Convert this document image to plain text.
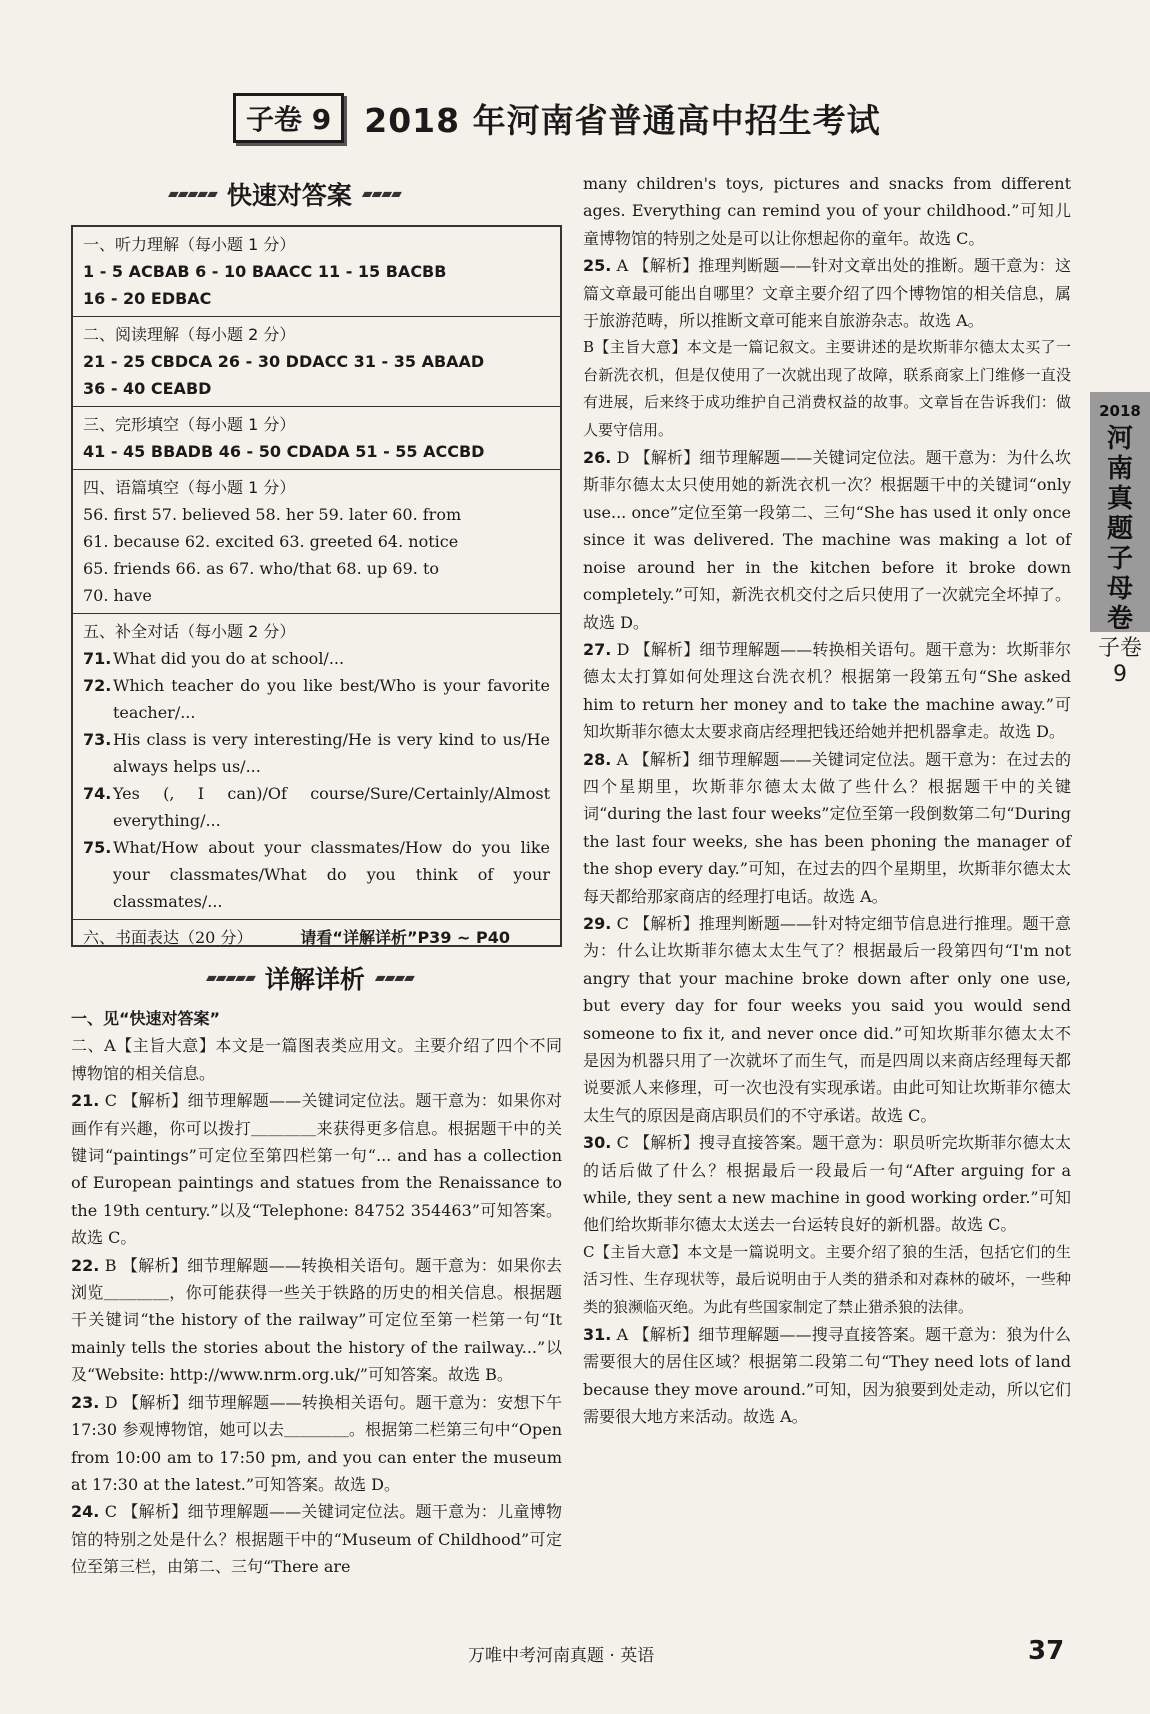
子卷 9	2018 年河南省普通高中招生考试
▰▰▰▰▰ 快速对答案 ▰▰▰▰
一、听力理解（每小题 1 分）
1 - 5 ACBAB 6 - 10 BAACC 11 - 15 BACBB
16 - 20 EDBAC
二、阅读理解（每小题 2 分）
21 - 25 CBDCA 26 - 30 DDACC 31 - 35 ABAAD
36 - 40 CEABD
三、完形填空（每小题 1 分）
41 - 45 BBADB 46 - 50 CDADA 51 - 55 ACCBD
四、语篇填空（每小题 1 分）
56. first 57. believed 58. her 59. later 60. from
61. because 62. excited 63. greeted 64. notice
65. friends 66. as 67. who/that 68. up 69. to
70. have
五、补全对话（每小题 2 分）
71. What did you do at school/...
72. Which teacher do you like best/Who is your favorite teacher/...
73. His class is very interesting/He is very kind to us/He always helps us/...
74. Yes (, I can)/Of course/Sure/Certainly/Almost everything/...
75. What/How about your classmates/How do you like your classmates/What do you think of your classmates/...
六、书面表达（20 分）	请看“详解详析”P39 ~ P40
▰▰▰▰▰ 详解详析 ▰▰▰▰

一、见“快速对答案”

二、A【主旨大意】本文是一篇图表类应用文。主要介绍了四个不同博物馆的相关信息。

21. C 【解析】细节理解题——关键词定位法。题干意为：如果你对画作有兴趣，你可以拨打＿＿＿＿来获得更多信息。根据题干中的关键词“paintings”可定位至第四栏第一句“... and has a collection of European paintings and statues from the Renaissance to the 19th century.”以及“Telephone: 84752 354463”可知答案。故选 C。

22. B 【解析】细节理解题——转换相关语句。题干意为：如果你去浏览＿＿＿＿，你可能获得一些关于铁路的历史的相关信息。根据题干关键词“the history of the railway”可定位至第一栏第一句“It mainly tells the stories about the history of the railway...”以及“Website: http://www.nrm.org.uk/”可知答案。故选 B。

23. D 【解析】细节理解题——转换相关语句。题干意为：安想下午 17:30 参观博物馆，她可以去＿＿＿＿。根据第二栏第三句中“Open from 10:00 am to 17:50 pm, and you can enter the museum at 17:30 at the latest.”可知答案。故选 D。

24. C 【解析】细节理解题——关键词定位法。题干意为：儿童博物馆的特别之处是什么？根据题干中的“Museum of Childhood”可定位至第三栏，由第二、三句“There are

many children's toys, pictures and snacks from different ages. Everything can remind you of your childhood.”可知儿童博物馆的特别之处是可以让你想起你的童年。故选 C。

25. A 【解析】推理判断题——针对文章出处的推断。题干意为：这篇文章最可能出自哪里？文章主要介绍了四个博物馆的相关信息，属于旅游范畴，所以推断文章可能来自旅游杂志。故选 A。

B【主旨大意】本文是一篇记叙文。主要讲述的是坎斯菲尔德太太买了一台新洗衣机，但是仅使用了一次就出现了故障，联系商家上门维修一直没有进展，后来终于成功维护自己消费权益的故事。文章旨在告诉我们：做人要守信用。

26. D 【解析】细节理解题——关键词定位法。题干意为：为什么坎斯菲尔德太太只使用她的新洗衣机一次？根据题干中的关键词“only use... once”定位至第一段第二、三句“She has used it only once since it was delivered. The machine was making a lot of noise around her in the kitchen before it broke down completely.”可知，新洗衣机交付之后只使用了一次就完全坏掉了。故选 D。

27. D 【解析】细节理解题——转换相关语句。题干意为：坎斯菲尔德太太打算如何处理这台洗衣机？根据第一段第五句“She asked him to return her money and to take the machine away.”可知坎斯菲尔德太太要求商店经理把钱还给她并把机器拿走。故选 D。

28. A 【解析】细节理解题——关键词定位法。题干意为：在过去的四个星期里，坎斯菲尔德太太做了些什么？根据题干中的关键词“during the last four weeks”定位至第一段倒数第二句“During the last four weeks, she has been phoning the manager of the shop every day.”可知，在过去的四个星期里，坎斯菲尔德太太每天都给那家商店的经理打电话。故选 A。

29. C 【解析】推理判断题——针对特定细节信息进行推理。题干意为：什么让坎斯菲尔德太太生气了？根据最后一段第四句“I'm not angry that your machine broke down after only one use, but every day for four weeks you said you would send someone to fix it, and never once did.”可知坎斯菲尔德太太不是因为机器只用了一次就坏了而生气，而是四周以来商店经理每天都说要派人来修理，可一次也没有实现承诺。由此可知让坎斯菲尔德太太生气的原因是商店职员们的不守承诺。故选 C。

30. C 【解析】搜寻直接答案。题干意为：职员听完坎斯菲尔德太太的话后做了什么？根据最后一段最后一句“After arguing for a while, they sent a new machine in good working order.”可知他们给坎斯菲尔德太太送去一台运转良好的新机器。故选 C。

C【主旨大意】本文是一篇说明文。主要介绍了狼的生活，包括它们的生活习性、生存现状等，最后说明由于人类的猎杀和对森林的破坏，一些种类的狼濒临灭绝。为此有些国家制定了禁止猎杀狼的法律。

31. A 【解析】细节理解题——搜寻直接答案。题干意为：狼为什么需要很大的居住区域？根据第二段第二句“They need lots of land because they move around.”可知，因为狼要到处走动，所以它们需要很大地方来活动。故选 A。

2018
河南真题子母卷
子卷9
万唯中考河南真题 · 英语	37
